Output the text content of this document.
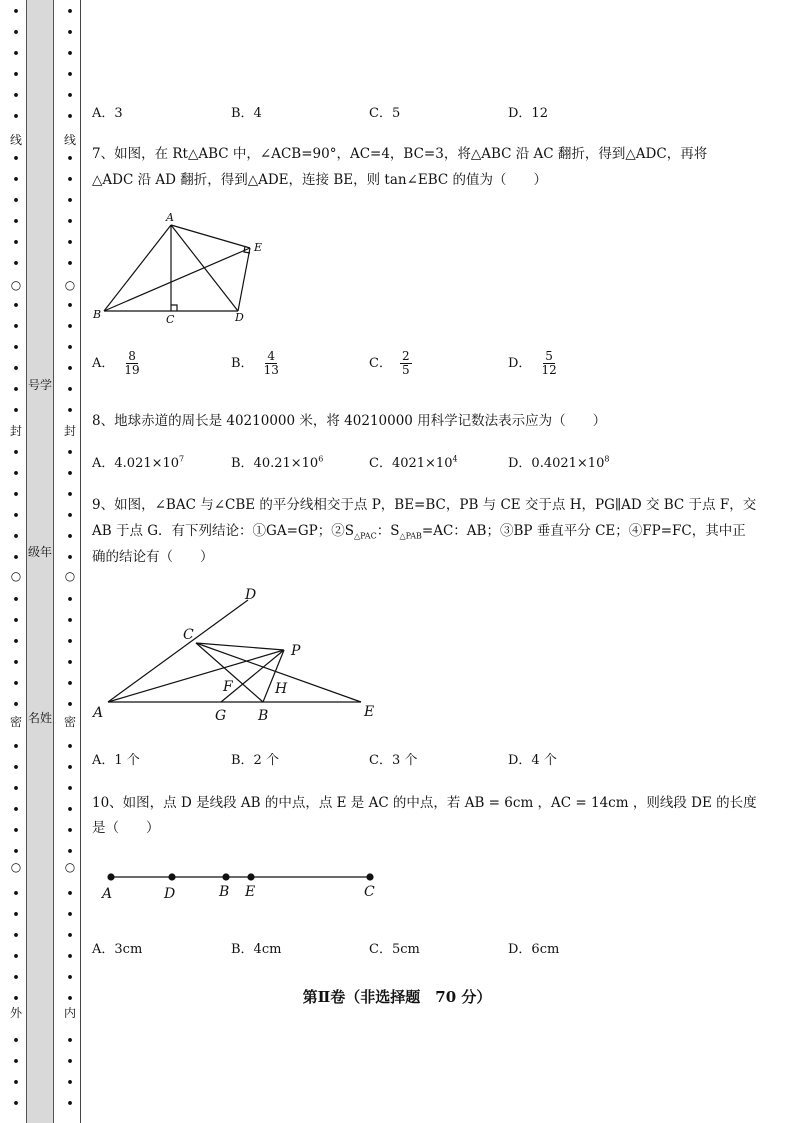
线
封
密
外
○
○
○
•
•
•
•
•
•
•
•
•
•
•
•
•
•
•
•
•
•
•
•
•
•
•
•
•
•
•
•
•
•
•
•
•
•
•
•
•
•
•
•
•
•
•
•
•
•
号学
级年
名姓
线
封
密
内
○
○
○
•
•
•
•
•
•
•
•
•
•
•
•
•
•
•
•
•
•
•
•
•
•
•
•
•
•
•
•
•
•
•
•
•
•
•
•
•
•
•
•
•
•
•
•
•
•
A．3	B．4	C．5	D．12
7、如图，在 Rt△ABC 中，∠ACB=90°，AC=4，BC=3，将△ABC 沿 AC 翻折，得到△ADC，再将
△ADC 沿 AD 翻折，得到△ADE，连接 BE，则 tan∠EBC 的值为（　　）
A
B	C	D
E
A． $\frac{8}{19}$	B． $\frac{4}{13}$	C． $\frac{2}{5}$	D． $\frac{5}{12}$
8、地球赤道的周长是 40210000 米，将 40210000 用科学记数法表示应为（　　）
A．$4.021\times 10^7$	B．$40.21\times 10^6$	C．$4021\times 10^4$	D．$0.4021\times 10^8$
9、如图，∠BAC 与∠CBE 的平分线相交于点 P，BE=BC，PB 与 CE 交于点 H，PG∥AD 交 BC 于点 F，交
AB 于点 G．有下列结论：①GA=GP；$②S_{\triangle PAC}$：$S_{\triangle PAB}=AC$：AB；③BP 垂直平分 CE；④FP=FC，其中正
确的结论有（　　）
A	B
C
D
E
F
G
H
P
A．1 个	B．2 个	C．3 个	D．4 个
10、如图，点 D 是线段 AB 的中点，点 E 是 AC 的中点，若 AB = 6cm ，AC = 14cm ，则线段 DE 的长度
是（　　）
A	D	B E	C
A．3cm	B．4cm	C．5cm	D．6cm
第Ⅱ卷（非选择题　70 分）
